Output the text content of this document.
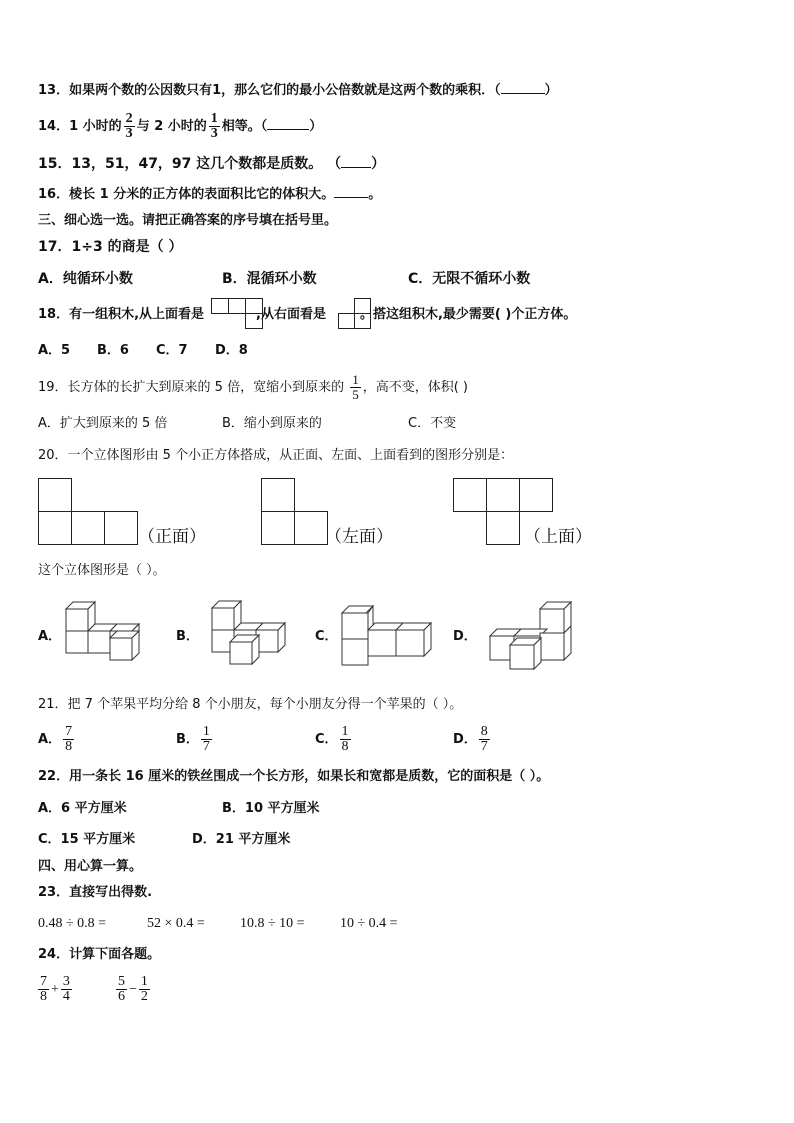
13．如果两个数的公因数只有1，那么它们的最小公倍数就是这两个数的乘积．（	）
14．1 小时的 $\frac{2}{3}$ 与 2 小时的 $\frac{1}{3}$ 相等。（	）
15．13，51，47，97 这几个数都是质数。 （ ）
16．棱长 1 分米的正方体的表面积比它的体积大。	。
三、细心选一选。请把正确答案的序号填在括号里。
17．1÷3 的商是（ ）
A．纯循环小数	B．混循环小数	C．无限不循环小数
18．有一组积木,从上面看是	,从右面看是	。搭这组积木,最少需要( )个正方体。
A．5 B．6 C．7 D．8
19．长方体的长扩大到原来的 5 倍，宽缩小到原来的 $\frac{1}{5}$ ，高不变，体积( )
A．扩大到原来的 5 倍	B．缩小到原来的	C．不变
20．一个立体图形由 5 个小正方体搭成，从正面、左面、上面看到的图形分别是：
（正面）	（左面）	（上面）
这个立体图形是（ ）。
A．	B．	C．	D．
21．把 7 个苹果平均分给 8 个小朋友，每个小朋友分得一个苹果的（ ）。
A． $\frac{7}{8}$	B． $\frac{1}{7}$	C． $\frac{1}{8}$	D． $\frac{8}{7}$
22．用一条长 16 厘米的铁丝围成一个长方形，如果长和宽都是质数，它的面积是（ ）。
A．6 平方厘米	B．10 平方厘米
C．15 平方厘米	D．21 平方厘米
四、用心算一算。
23．直接写出得数.
0.48 ÷ 0.8 =	52 × 0.4 =	10.8 ÷ 10 =	10 ÷ 0.4 =
24．计算下面各题。
$\frac{7}{8} + \frac{3}{4}$	$\frac{5}{6} - \frac{1}{2}$
